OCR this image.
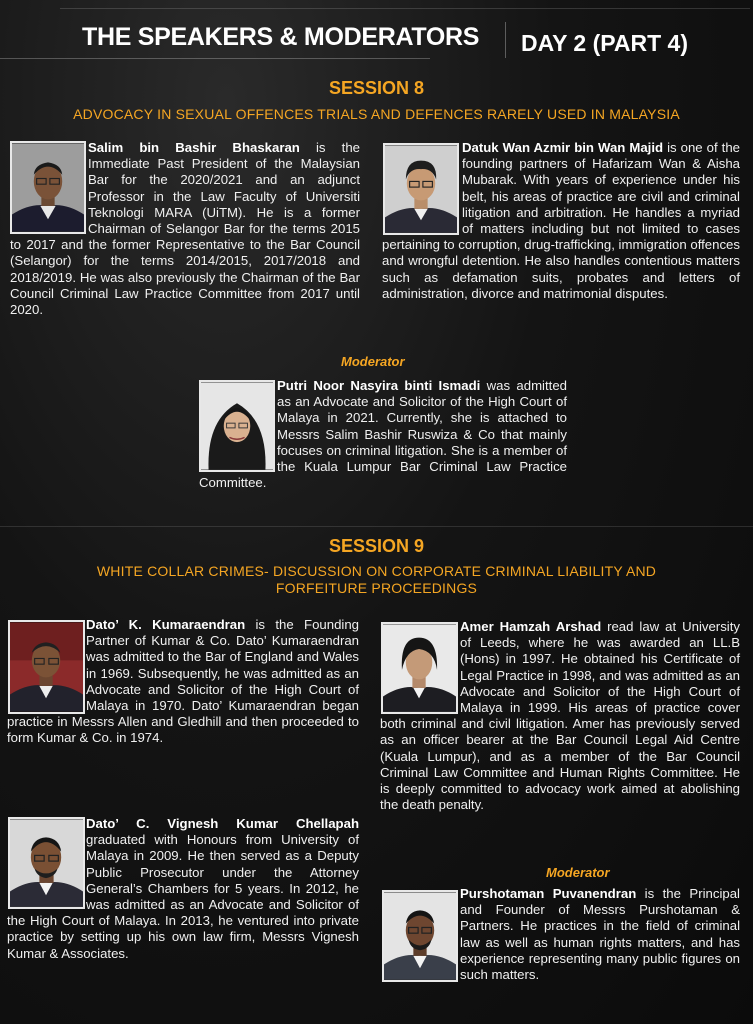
THE SPEAKERS & MODERATORS DAY 2 (PART 4)
SESSION 8
ADVOCACY IN SEXUAL OFFENCES TRIALS AND DEFENCES RARELY USED IN MALAYSIA
Salim bin Bashir Bhaskaran is the Immediate Past President of the Malaysian Bar for the 2020/2021 and an adjunct Professor in the Law Faculty of Universiti Teknologi MARA (UiTM). He is a former Chairman of Selangor Bar for the terms 2015 to 2017 and the former Representative to the Bar Council (Selangor) for the terms 2014/2015, 2017/2018 and 2018/2019. He was also previously the Chairman of the Bar Council Criminal Law Practice Committee from 2017 until 2020.
Datuk Wan Azmir bin Wan Majid is one of the founding partners of Hafarizam Wan & Aisha Mubarak. With years of experience under his belt, his areas of practice are civil and criminal litigation and arbitration. He handles a myriad of matters including but not limited to cases pertaining to corruption, drug-trafficking, immigration offences and wrongful detention. He also handles contentious matters such as defamation suits, probates and letters of administration, divorce and matrimonial disputes.
Moderator
Putri Noor Nasyira binti Ismadi was admitted as an Advocate and Solicitor of the High Court of Malaya in 2021. Currently, she is attached to Messrs Salim Bashir Ruswiza & Co that mainly focuses on criminal litigation. She is a member of the Kuala Lumpur Bar Criminal Law Practice Committee.
SESSION 9
WHITE COLLAR CRIMES- DISCUSSION ON CORPORATE CRIMINAL LIABILITY AND
FORFEITURE PROCEEDINGS
Dato’ K. Kumaraendran is the Founding Partner of Kumar & Co. Dato’ Kumaraendran was admitted to the Bar of England and Wales in 1969. Subsequently, he was admitted as an Advocate and Solicitor of the High Court of Malaya in 1970. Dato’ Kumaraendran began practice in Messrs Allen and Gledhill and then proceeded to form Kumar & Co. in 1974.
Amer Hamzah Arshad read law at University of Leeds, where he was awarded an LL.B (Hons) in 1997. He obtained his Certificate of Legal Practice in 1998, and was admitted as an Advocate and Solicitor of the High Court of Malaya in 1999. His areas of practice cover both criminal and civil litigation. Amer has previously served as an officer bearer at the Bar Council Legal Aid Centre (Kuala Lumpur), and as a member of the Bar Council Criminal Law Committee and Human Rights Committee. He is deeply committed to advocacy work aimed at abolishing the death penalty.
Dato’ C. Vignesh Kumar Chellapah graduated with Honours from University of Malaya in 2009. He then served as a Deputy Public Prosecutor under the Attorney General’s Chambers for 5 years. In 2012, he was admitted as an Advocate and Solicitor of the High Court of Malaya. In 2013, he ventured into private practice by setting up his own law firm, Messrs Vignesh Kumar & Associates.
Moderator
Purshotaman Puvanendran is the Principal and Founder of Messrs Purshotaman & Partners. He practices in the field of criminal law as well as human rights matters, and has experience representing many public figures on such matters.
